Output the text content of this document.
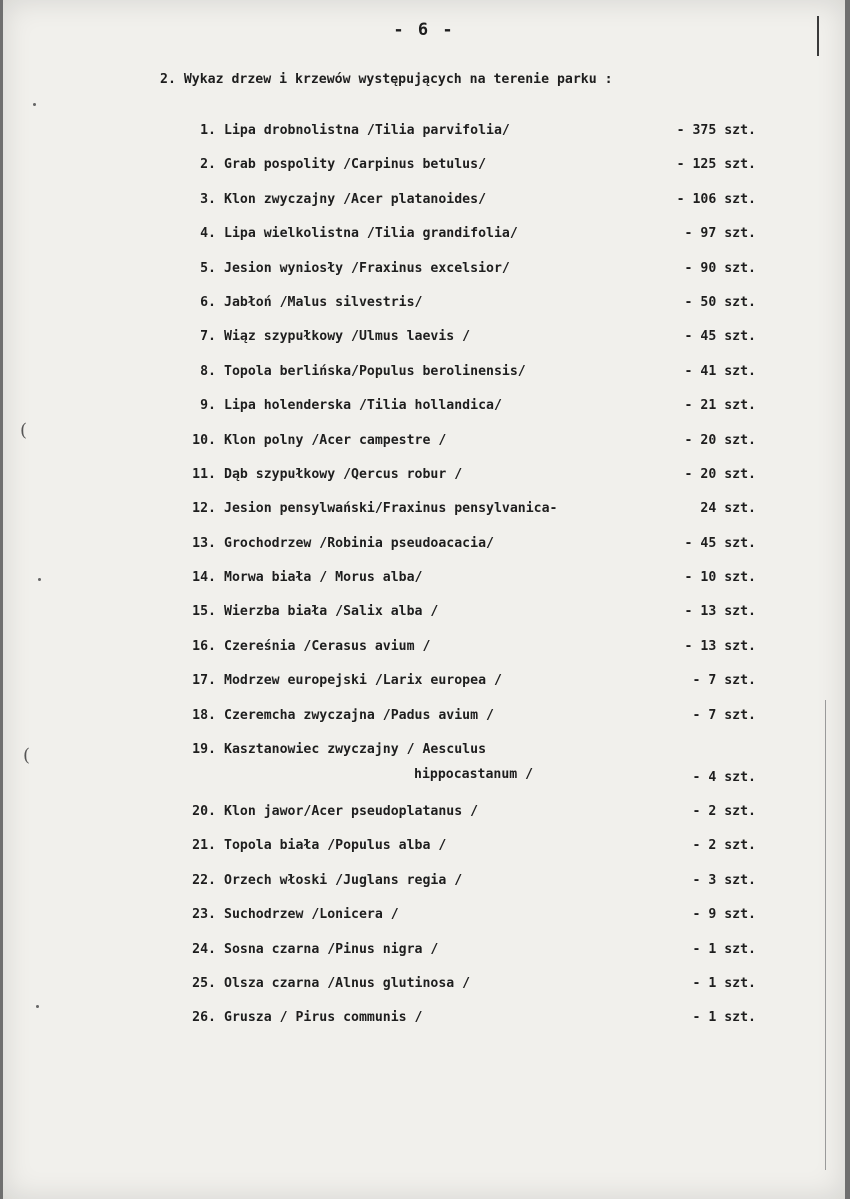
(
(
- 6 -
2. Wykaz drzew i krzewów występujących na terenie parku :
1. Lipa drobnolistna /Tilia parvifolia/	- 375 szt.
2. Grab pospolity /Carpinus betulus/	- 125 szt.
3. Klon zwyczajny /Acer platanoides/	- 106 szt.
4. Lipa wielkolistna /Tilia grandifolia/	- 97 szt.
5. Jesion wyniosły /Fraxinus excelsior/	- 90 szt.
6. Jabłoń /Malus silvestris/	- 50 szt.
7. Wiąz szypułkowy /Ulmus laevis /	- 45 szt.
8. Topola berlińska/Populus berolinensis/	- 41 szt.
9. Lipa holenderska /Tilia hollandica/	- 21 szt.
10. Klon polny /Acer campestre /	- 20 szt.
11. Dąb szypułkowy /Qercus robur /	- 20 szt.
12. Jesion pensylwański/Fraxinus pensylvanica-	24 szt.
13. Grochodrzew /Robinia pseudoacacia/	- 45 szt.
14. Morwa biała / Morus alba/	- 10 szt.
15. Wierzba biała /Salix alba /	- 13 szt.
16. Czereśnia /Cerasus avium /	- 13 szt.
17. Modrzew europejski /Larix europea /	- 7 szt.
18. Czeremcha zwyczajna /Padus avium /	- 7 szt.
19. Kasztanowiec zwyczajny / Aesculus
hippocastanum /	- 4 szt.
20. Klon jawor/Acer pseudoplatanus /	- 2 szt.
21. Topola biała /Populus alba /	- 2 szt.
22. Orzech włoski /Juglans regia /	- 3 szt.
23. Suchodrzew /Lonicera /	- 9 szt.
24. Sosna czarna /Pinus nigra /	- 1 szt.
25. Olsza czarna /Alnus glutinosa /	- 1 szt.
26. Grusza / Pirus communis /	- 1 szt.
